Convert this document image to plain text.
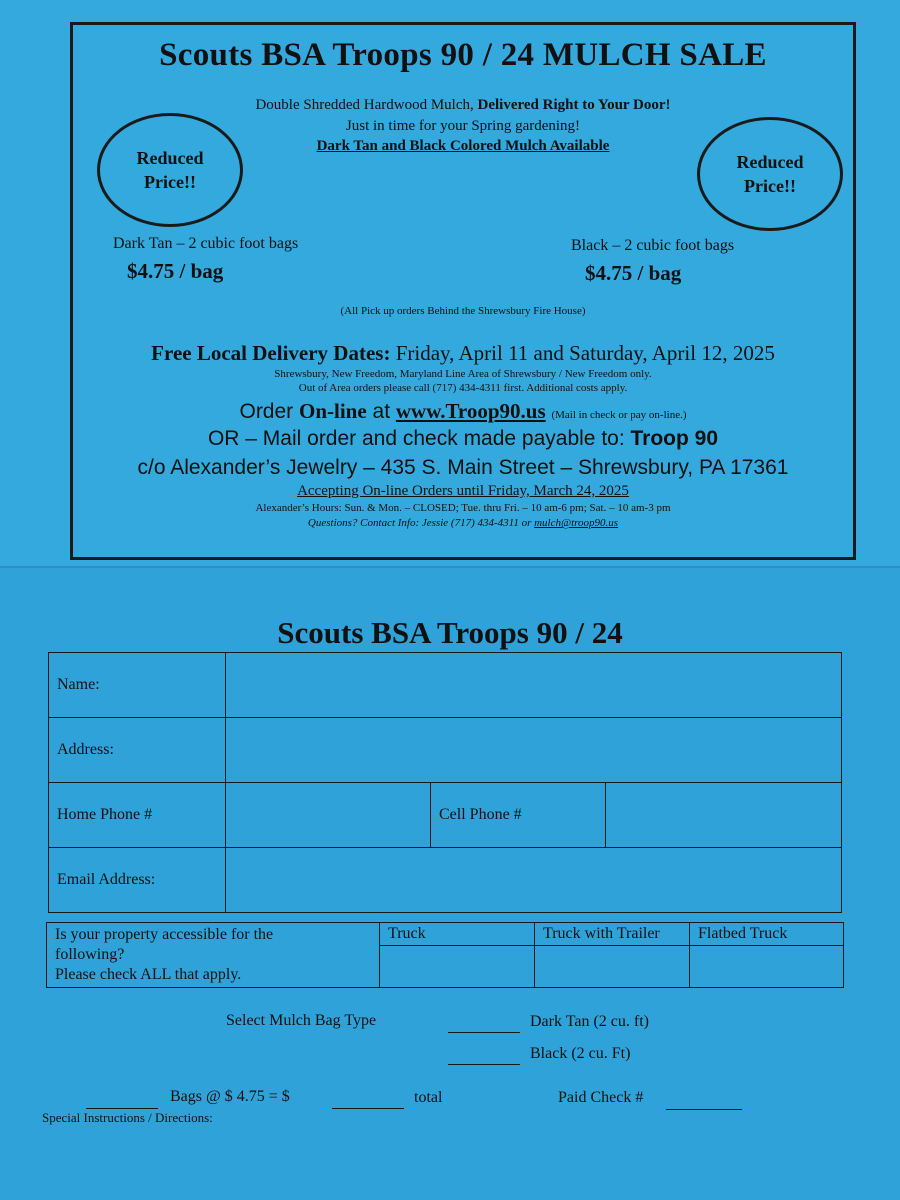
Scouts BSA Troops 90 / 24 MULCH SALE
Double Shredded Hardwood Mulch, Delivered Right to Your Door!
Just in time for your Spring gardening!
Dark Tan and Black Colored Mulch Available
Reduced Price!!
Reduced Price!!
Dark Tan – 2 cubic foot bags
$4.75 / bag
Black – 2 cubic foot bags
$4.75 / bag
(All Pick up orders Behind the Shrewsbury Fire House)
Free Local Delivery Dates: Friday, April 11 and Saturday, April 12, 2025
Shrewsbury, New Freedom, Maryland Line Area of Shrewsbury / New Freedom only.
Out of Area orders please call (717) 434-4311 first. Additional costs apply.
Order On-line at www.Troop90.us (Mail in check or pay on-line.)
OR – Mail order and check made payable to: Troop 90
c/o Alexander’s Jewelry – 435 S. Main Street – Shrewsbury, PA 17361
Accepting On-line Orders until Friday, March 24, 2025
Alexander’s Hours: Sun. & Mon. – CLOSED; Tue. thru Fri. – 10 am-6 pm; Sat. – 10 am-3 pm
Questions? Contact Info: Jessie (717) 434-4311 or mulch@troop90.us
Scouts BSA Troops 90 / 24
Name:			
Address:			
Home Phone #		Cell Phone #	
Email Address:			
Is your property accessible for the
following?
Please check ALL that apply.	Truck	Truck with Trailer	Flatbed Truck

Select Mulch Bag Type	Dark Tan (2 cu. ft)
Black (2 cu. Ft)
Bags @ $ 4.75 = $	total	Paid Check #
Special Instructions / Directions:
